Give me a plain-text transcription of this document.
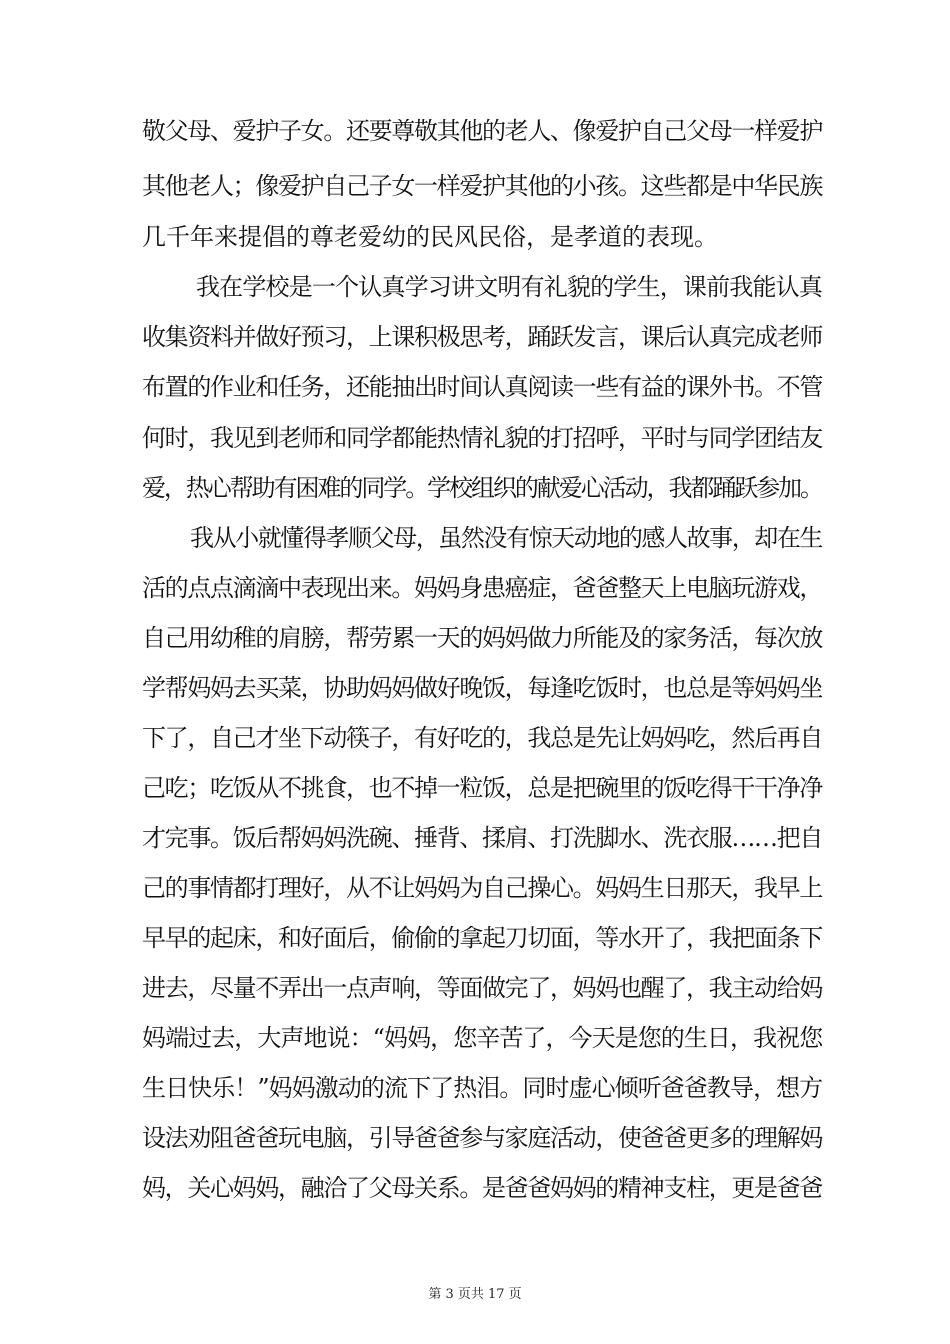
敬父母、爱护子女。还要尊敬其他的老人、像爱护自己父母一样爱护
其他老人；像爱护自己子女一样爱护其他的小孩。这些都是中华民族
几千年来提倡的尊老爱幼的民风民俗，是孝道的表现。
我在学校是一个认真学习讲文明有礼貌的学生，课前我能认真
收集资料并做好预习，上课积极思考，踊跃发言，课后认真完成老师
布置的作业和任务，还能抽出时间认真阅读一些有益的课外书。不管
何时，我见到老师和同学都能热情礼貌的打招呼，平时与同学团结友
爱，热心帮助有困难的同学。学校组织的献爱心活动，我都踊跃参加。
我从小就懂得孝顺父母，虽然没有惊天动地的感人故事，却在生
活的点点滴滴中表现出来。妈妈身患癌症，爸爸整天上电脑玩游戏，
自己用幼稚的肩膀，帮劳累一天的妈妈做力所能及的家务活，每次放
学帮妈妈去买菜，协助妈妈做好晚饭，每逢吃饭时，也总是等妈妈坐
下了，自己才坐下动筷子，有好吃的，我总是先让妈妈吃，然后再自
己吃；吃饭从不挑食，也不掉一粒饭，总是把碗里的饭吃得干干净净
才完事。饭后帮妈妈洗碗、捶背、揉肩、打洗脚水、洗衣服……把自
己的事情都打理好，从不让妈妈为自己操心。妈妈生日那天，我早上
早早的起床，和好面后，偷偷的拿起刀切面，等水开了，我把面条下
进去，尽量不弄出一点声响，等面做完了，妈妈也醒了，我主动给妈
妈端过去，大声地说：“妈妈，您辛苦了，今天是您的生日，我祝您
生日快乐！”妈妈激动的流下了热泪。同时虚心倾听爸爸教导，想方
设法劝阻爸爸玩电脑，引导爸爸参与家庭活动，使爸爸更多的理解妈
妈，关心妈妈，融洽了父母关系。是爸爸妈妈的精神支柱，更是爸爸
第 3 页共 17 页
